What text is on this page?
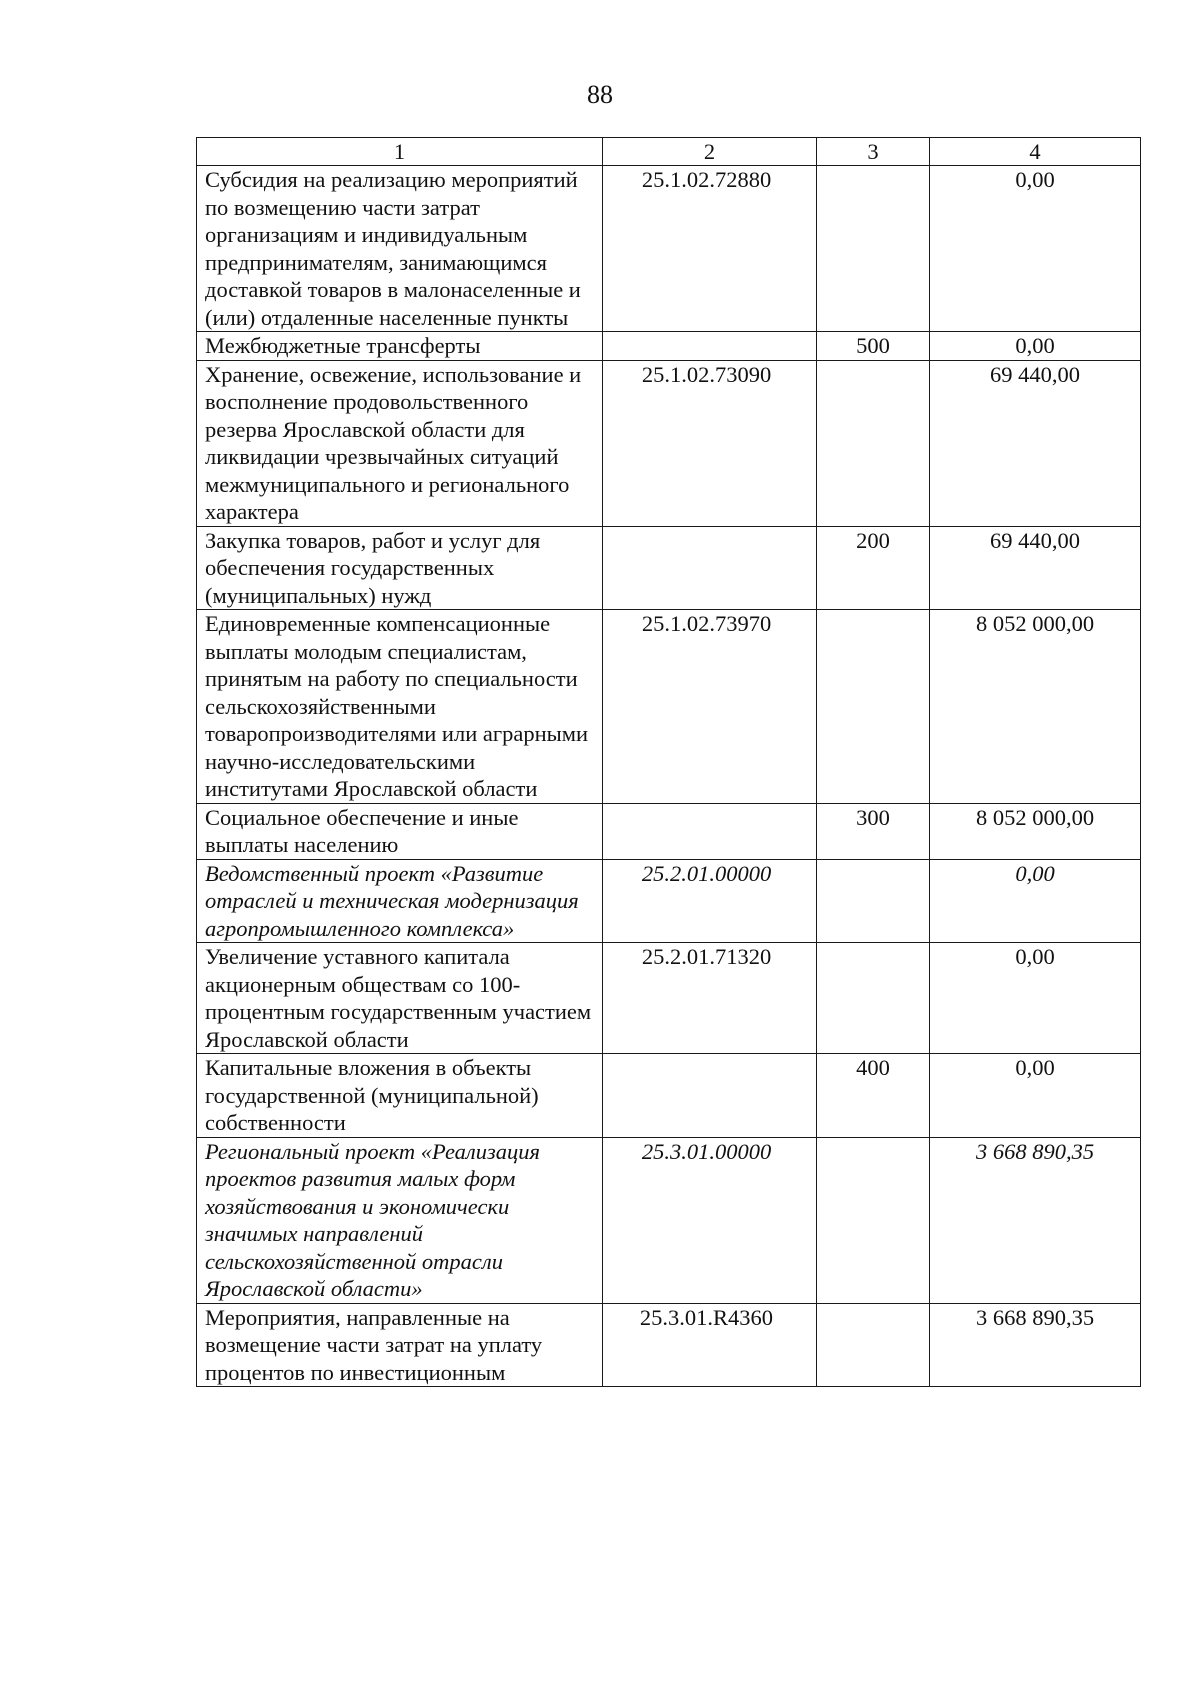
88
1	2	3	4
Субсидия на реализацию мероприятий по возмещению части затрат организациям и индивидуальным предпринимателям, занимающимся доставкой товаров в малонаселенные и (или) отдаленные населенные пункты	25.1.02.72880		0,00
Межбюджетные трансферты		500	0,00
Хранение, освежение, использование и восполнение продовольственного резерва Ярославской области для ликвидации чрезвычайных ситуаций межмуниципального и регионального характера	25.1.02.73090		69 440,00
Закупка товаров, работ и услуг для обеспечения государственных (муниципальных) нужд		200	69 440,00
Единовременные компенсационные выплаты молодым специалистам, принятым на работу по специальности сельскохозяйственными товаропроизводителями или аграрными научно-исследовательскими институтами Ярославской области	25.1.02.73970		8 052 000,00
Социальное обеспечение и иные выплаты населению		300	8 052 000,00
Ведомственный проект «Развитие отраслей и техническая модернизация агропромышленного комплекса»	25.2.01.00000		0,00
Увеличение уставного капитала акционерным обществам со 100-процентным государственным участием Ярославской области	25.2.01.71320		0,00
Капитальные вложения в объекты государственной (муниципальной) собственности		400	0,00
Региональный проект «Реализация проектов развития малых форм хозяйствования и экономически значимых направлений сельскохозяйственной отрасли Ярославской области»	25.3.01.00000		3 668 890,35
Мероприятия, направленные на возмещение части затрат на уплату процентов по инвестиционным	25.3.01.R4360		3 668 890,35
